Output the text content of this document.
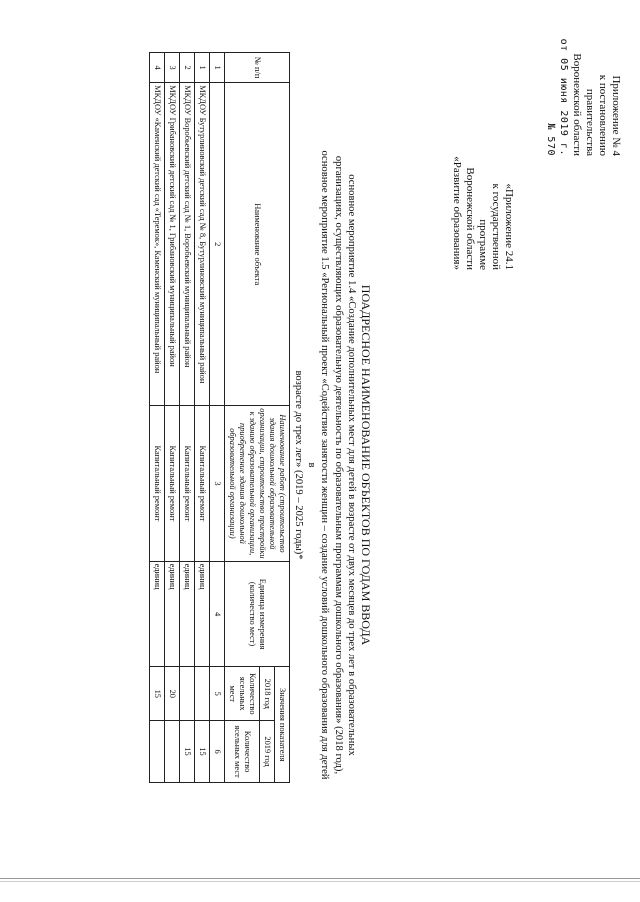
Приложение № 4
к постановлению правительства
Воронежской области
от 05 июня 2019 г. № 570
«Приложение 24.1
к государственной программе
Воронежской области
«Развитие образования»
ПОАДРЕСНОЕ НАИМЕНОВАНИЕ ОБЪЕКТОВ ПО ГОДАМ ВВОДА
основное мероприятие 1.4 «Создание дополнительных мест для детей в возрасте от двух месяцев до трех лет в образовательных
организациях, осуществляющих образовательную деятельность по образовательным программам дошкольного образования» (2018 год),
основное мероприятие 1.5 «Региональный проект «Содействие занятости женщин – создание условий дошкольного образования для детей в
возрасте до трех лет» (2019 – 2025 годы)*
№ п/п	Наименование объекта	Наименование работ (строительство здания дошкольной образовательной организации, строительство пристройки к зданию образовательной организации, приобретение здания дошкольной образовательной организации)	Единица измерения (количество мест)	Значения показателя	
				2018 год	2019 год
				Количество ясельных мест	Количество ясельных мест
1	2	3	4	5	6
1	МКДОУ Бутурлиновский детский сад № 8, Бутурлиновский муниципальный район	Капитальный ремонт	единиц		15
2	МКДОУ Воробьевский детский сад № 1, Воробьевский муниципальный район	Капитальный ремонт	единиц		15
3	МКДОУ Грибановский детский сад № 1, Грибановский муниципальный район	Капитальный ремонт	единиц	20	
4	МКДОУ «Каменский детский сад «Теремок», Каменский муниципальный район	Капитальный ремонт	единиц	15	
